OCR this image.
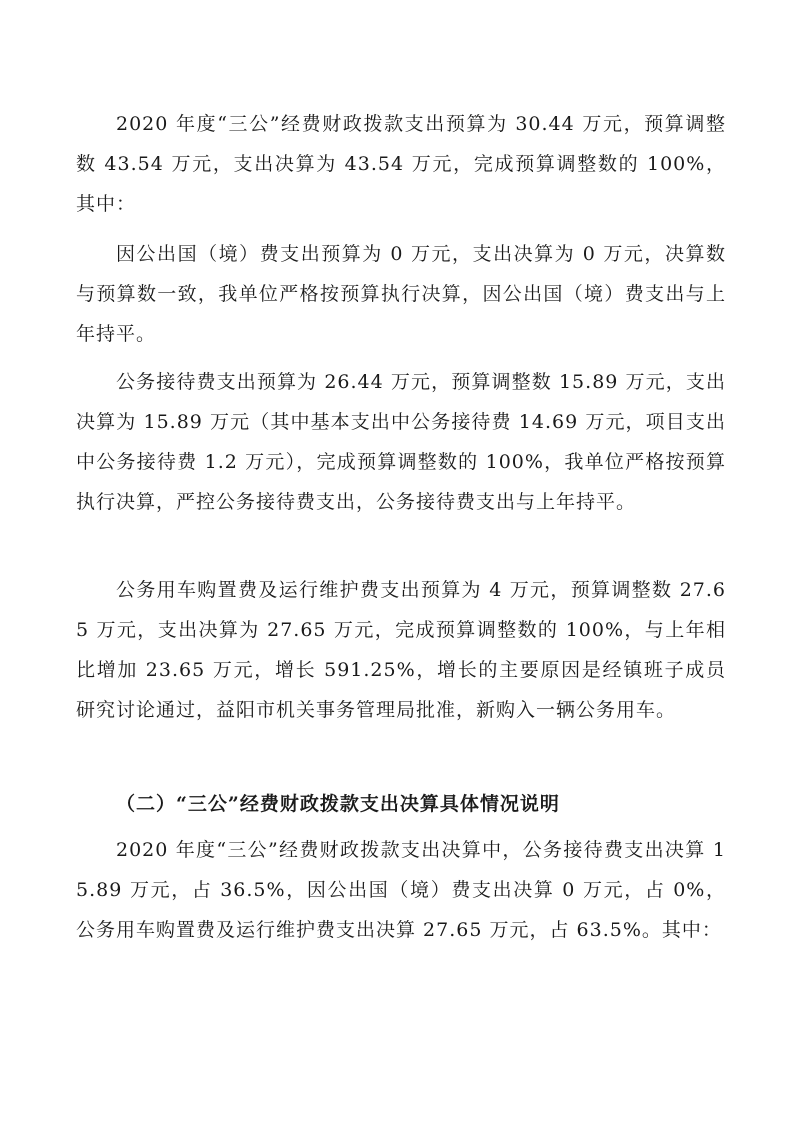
2020 年度“三公”经费财政拨款支出预算为 30.44 万元，预算调整数 43.54 万元，支出决算为 43.54 万元，完成预算调整数的 100%，其中：

因公出国（境）费支出预算为 0 万元，支出决算为 0 万元，决算数与预算数一致，我单位严格按预算执行决算，因公出国（境）费支出与上年持平。

公务接待费支出预算为 26.44 万元，预算调整数 15.89 万元，支出决算为 15.89 万元（其中基本支出中公务接待费 14.69 万元，项目支出中公务接待费 1.2 万元），完成预算调整数的 100%，我单位严格按预算执行决算，严控公务接待费支出，公务接待费支出与上年持平。

公务用车购置费及运行维护费支出预算为 4 万元，预算调整数 27.65 万元，支出决算为 27.65 万元，完成预算调整数的 100%，与上年相比增加 23.65 万元，增长 591.25%，增长的主要原因是经镇班子成员研究讨论通过，益阳市机关事务管理局批准，新购入一辆公务用车。

（二）“三公”经费财政拨款支出决算具体情况说明

2020 年度“三公”经费财政拨款支出决算中，公务接待费支出决算 15.89 万元，占 36.5%，因公出国（境）费支出决算 0 万元，占 0%，公务用车购置费及运行维护费支出决算 27.65 万元，占 63.5%。其中：
